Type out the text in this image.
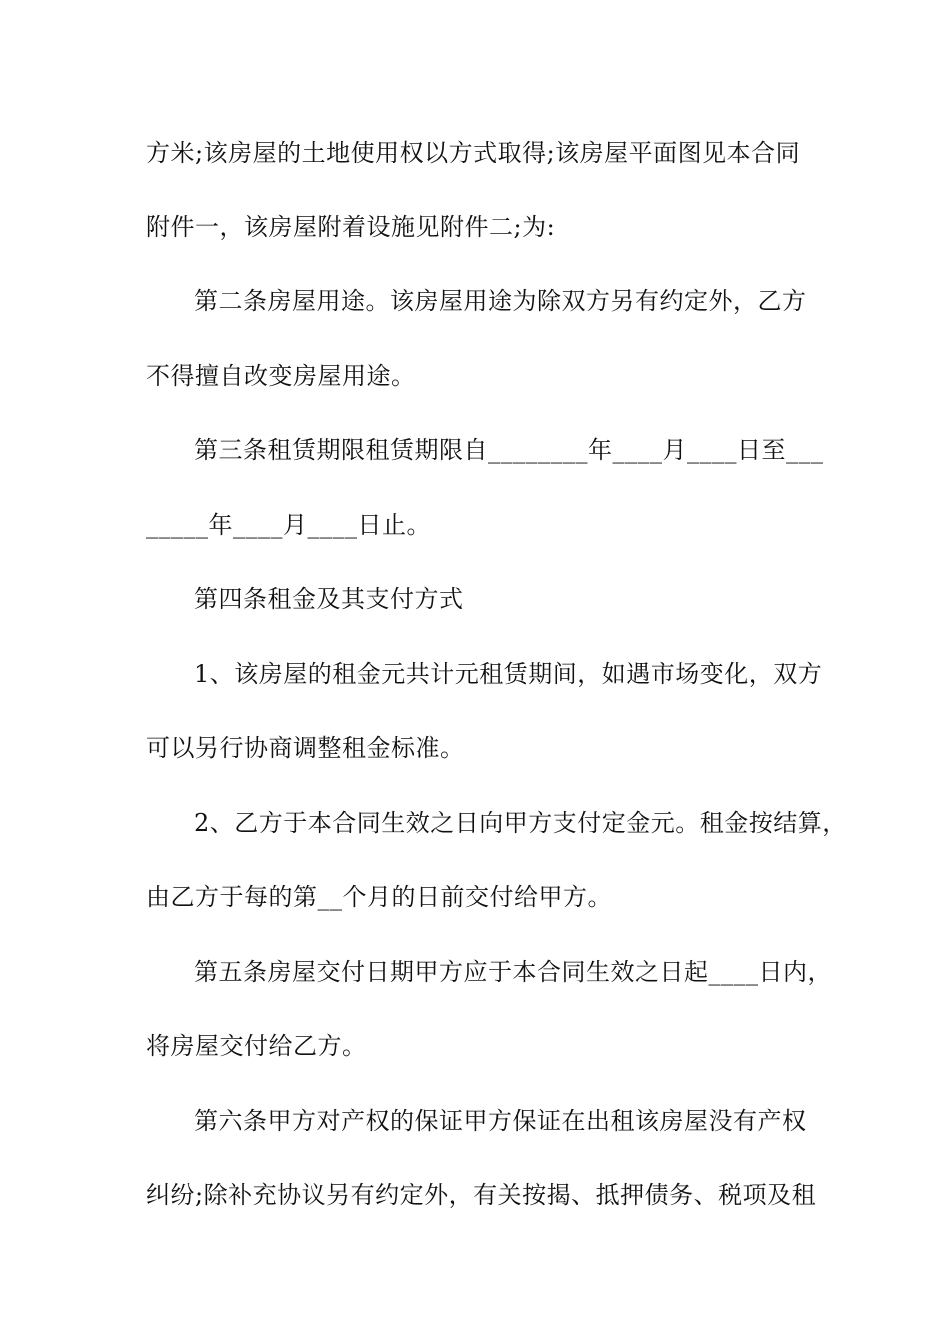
方米;该房屋的土地使用权以方式取得;该房屋平面图见本合同
附件一，该房屋附着设施见附件二;为:
第二条房屋用途。该房屋用途为除双方另有约定外，乙方
不得擅自改变房屋用途。
第三条租赁期限租赁期限自________年____月____日至___
_____年____月____日止。
第四条租金及其支付方式
1、该房屋的租金元共计元租赁期间，如遇市场变化，双方
可以另行协商调整租金标准。
2、乙方于本合同生效之日向甲方支付定金元。租金按结算，
由乙方于每的第__个月的日前交付给甲方。
第五条房屋交付日期甲方应于本合同生效之日起____日内，
将房屋交付给乙方。
第六条甲方对产权的保证甲方保证在出租该房屋没有产权
纠纷;除补充协议另有约定外，有关按揭、抵押债务、税项及租
